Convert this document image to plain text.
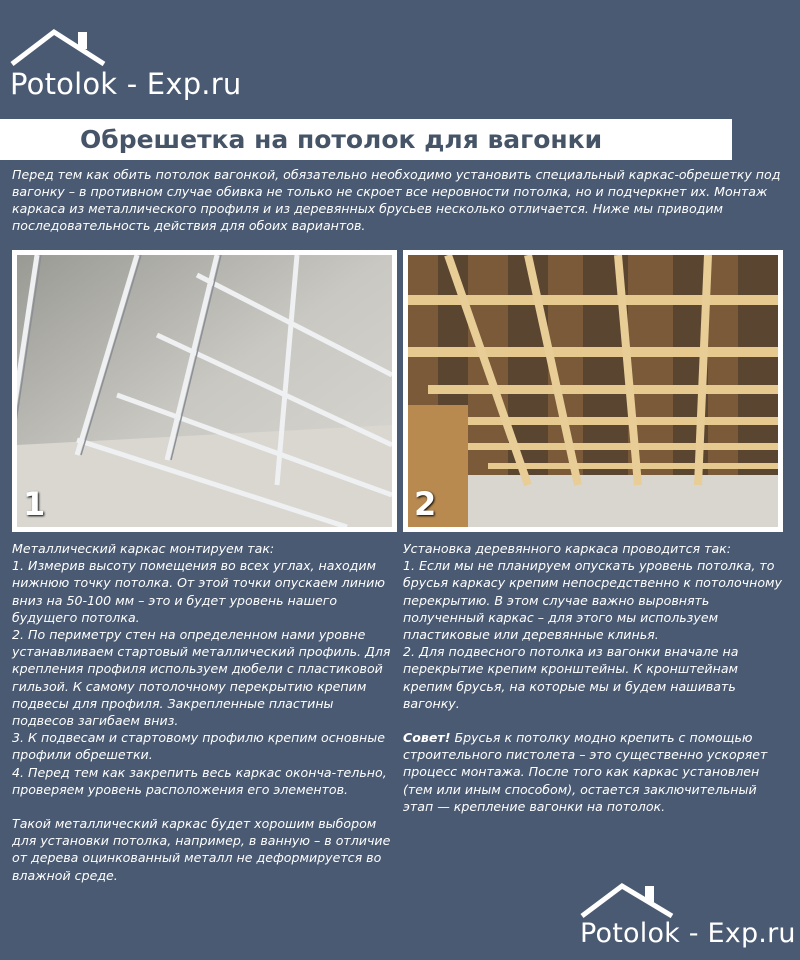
Potolok - Exp.ru
Обрешетка на потолок для вагонки

Перед тем как обить потолок вагонкой, обязательно необходимо установить специальный каркас-обрешетку под вагонку – в противном случае обивка не только не скроет все неровности потолка, но и подчеркнет их. Монтаж каркаса из металлического профиля и из деревянных брусьев несколько отличается. Ниже мы приводим последовательность действия для обоих вариантов.

1	2

Металлический каркас монтируем так:

1. Измерив высоту помещения во всех углах, находим нижнюю точку потолка. От этой точки опускаем линию вниз на 50-100 мм – это и будет уровень нашего будущего потолка.

2. По периметру стен на определенном нами уровне устанавливаем стартовый металлический профиль. Для крепления профиля используем дюбели с пластиковой гильзой. К самому потолочному перекрытию крепим подвесы для профиля. Закрепленные пластины подвесов загибаем вниз.

3. К подвесам и стартовому профилю крепим основные профили обрешетки.

4. Перед тем как закрепить весь каркас оконча-тельно, проверяем уровень расположения его элементов.

Такой металлический каркас будет хорошим выбором для установки потолка, например, в ванную – в отличие от дерева оцинкованный металл не деформируется во влажной среде.

Установка деревянного каркаса проводится так:

1. Если мы не планируем опускать уровень потолка, то брусья каркасу крепим непосредственно к потолочному перекрытию. В этом случае важно выровнять полученный каркас – для этого мы используем пластиковые или деревянные клинья.

2. Для подвесного потолка из вагонки вначале на перекрытие крепим кронштейны. К кронштейнам крепим брусья, на которые мы и будем нашивать вагонку.

Совет! Брусья к потолку модно крепить с помощью строительного пистолета – это существенно ускоряет процесс монтажа. После того как каркас установлен (тем или иным способом), остается заключительный этап — крепление вагонки на потолок.

Potolok - Exp.ru
